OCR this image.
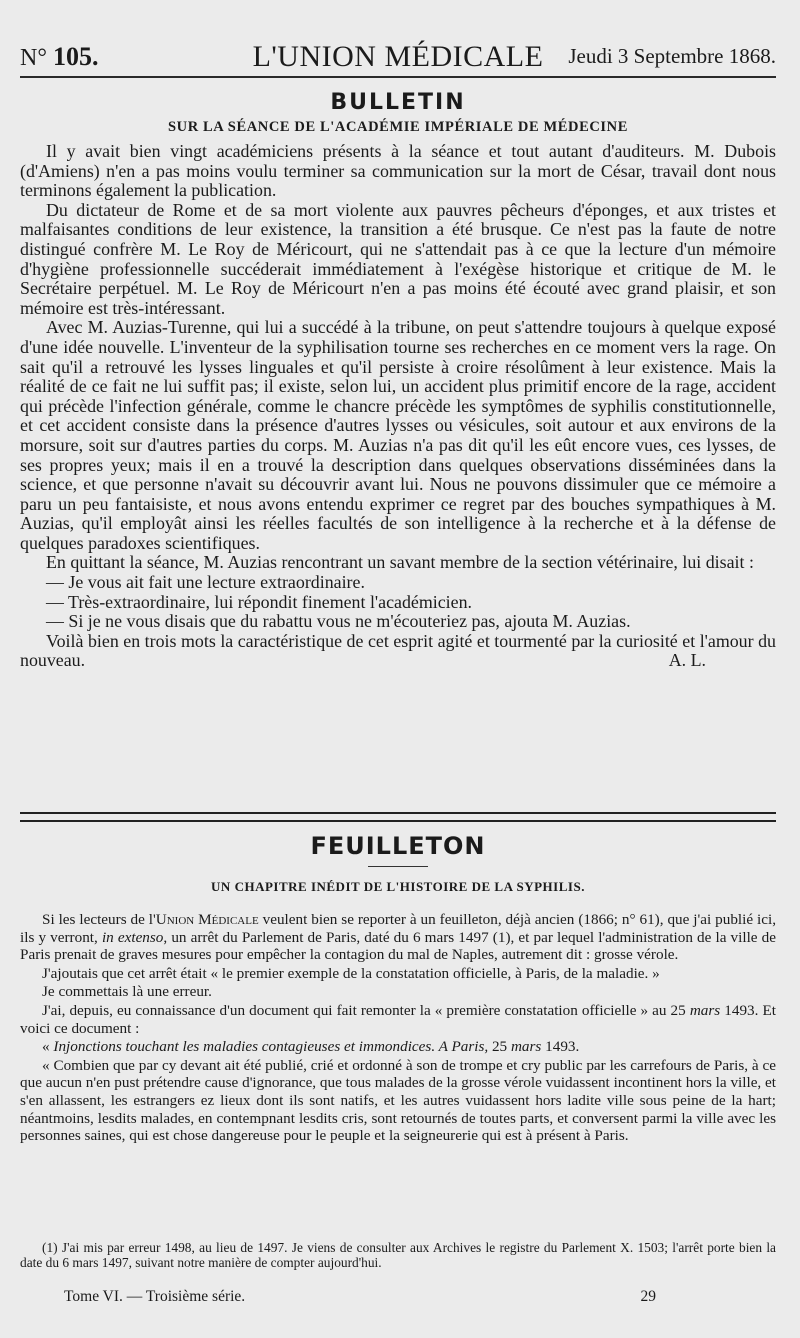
N° 105.	L'UNION MÉDICALE	Jeudi 3 Septembre 1868.
BULLETIN
SUR LA SÉANCE DE L'ACADÉMIE IMPÉRIALE DE MÉDECINE

Il y avait bien vingt académiciens présents à la séance et tout autant d'auditeurs. M. Dubois (d'Amiens) n'en a pas moins voulu terminer sa communication sur la mort de César, travail dont nous terminons également la publication.

Du dictateur de Rome et de sa mort violente aux pauvres pêcheurs d'éponges, et aux tristes et malfaisantes conditions de leur existence, la transition a été brusque. Ce n'est pas la faute de notre distingué confrère M. Le Roy de Méricourt, qui ne s'attendait pas à ce que la lecture d'un mémoire d'hygiène professionnelle succéderait immédiatement à l'exégèse historique et critique de M. le Secrétaire perpétuel. M. Le Roy de Méricourt n'en a pas moins été écouté avec grand plaisir, et son mémoire est très-intéressant.

Avec M. Auzias-Turenne, qui lui a succédé à la tribune, on peut s'attendre toujours à quelque exposé d'une idée nouvelle. L'inventeur de la syphilisation tourne ses recherches en ce moment vers la rage. On sait qu'il a retrouvé les lysses linguales et qu'il persiste à croire résolûment à leur existence. Mais la réalité de ce fait ne lui suffit pas; il existe, selon lui, un accident plus primitif encore de la rage, accident qui précède l'infection générale, comme le chancre précède les symptômes de syphilis constitutionnelle, et cet accident consiste dans la présence d'autres lysses ou vésicules, soit autour et aux environs de la morsure, soit sur d'autres parties du corps. M. Auzias n'a pas dit qu'il les eût encore vues, ces lysses, de ses propres yeux; mais il en a trouvé la description dans quelques observations disséminées dans la science, et que personne n'avait su découvrir avant lui. Nous ne pouvons dissimuler que ce mémoire a paru un peu fantaisiste, et nous avons entendu exprimer ce regret par des bouches sympathiques à M. Auzias, qu'il employât ainsi les réelles facultés de son intelligence à la recherche et à la défense de quelques paradoxes scientifiques.

En quittant la séance, M. Auzias rencontrant un savant membre de la section vétérinaire, lui disait :

— Je vous ait fait une lecture extraordinaire.

— Très-extraordinaire, lui répondit finement l'académicien.

— Si je ne vous disais que du rabattu vous ne m'écouteriez pas, ajouta M. Auzias.

Voilà bien en trois mots la caractéristique de cet esprit agité et tourmenté par la curiosité et l'amour du nouveau.	A. L.

FEUILLETON
UN CHAPITRE INÉDIT DE L'HISTOIRE DE LA SYPHILIS.

Si les lecteurs de l'Union Médicale veulent bien se reporter à un feuilleton, déjà ancien (1866; n° 61), que j'ai publié ici, ils y verront, in extenso, un arrêt du Parlement de Paris, daté du 6 mars 1497 (1), et par lequel l'administration de la ville de Paris prenait de graves mesures pour empêcher la contagion du mal de Naples, autrement dit : grosse vérole.

J'ajoutais que cet arrêt était « le premier exemple de la constatation officielle, à Paris, de la maladie. »

Je commettais là une erreur.

J'ai, depuis, eu connaissance d'un document qui fait remonter la « première constatation officielle » au 25 mars 1493. Et voici ce document :

« Injonctions touchant les maladies contagieuses et immondices. A Paris, 25 mars 1493.

« Combien que par cy devant ait été publié, crié et ordonné à son de trompe et cry public par les carrefours de Paris, à ce que aucun n'en pust prétendre cause d'ignorance, que tous malades de la grosse vérole vuidassent incontinent hors la ville, et s'en allassent, les estrangers ez lieux dont ils sont natifs, et les autres vuidassent hors ladite ville sous peine de la hart; néantmoins, lesdits malades, en contempnant lesdits cris, sont retournés de toutes parts, et conversent parmi la ville avec les personnes saines, qui est chose dangereuse pour le peuple et la seigneurerie qui est à présent à Paris.

(1) J'ai mis par erreur 1498, au lieu de 1497. Je viens de consulter aux Archives le registre du Parlement X. 1503; l'arrêt porte bien la date du 6 mars 1497, suivant notre manière de compter aujourd'hui.
Tome VI. — Troisième série.	29
